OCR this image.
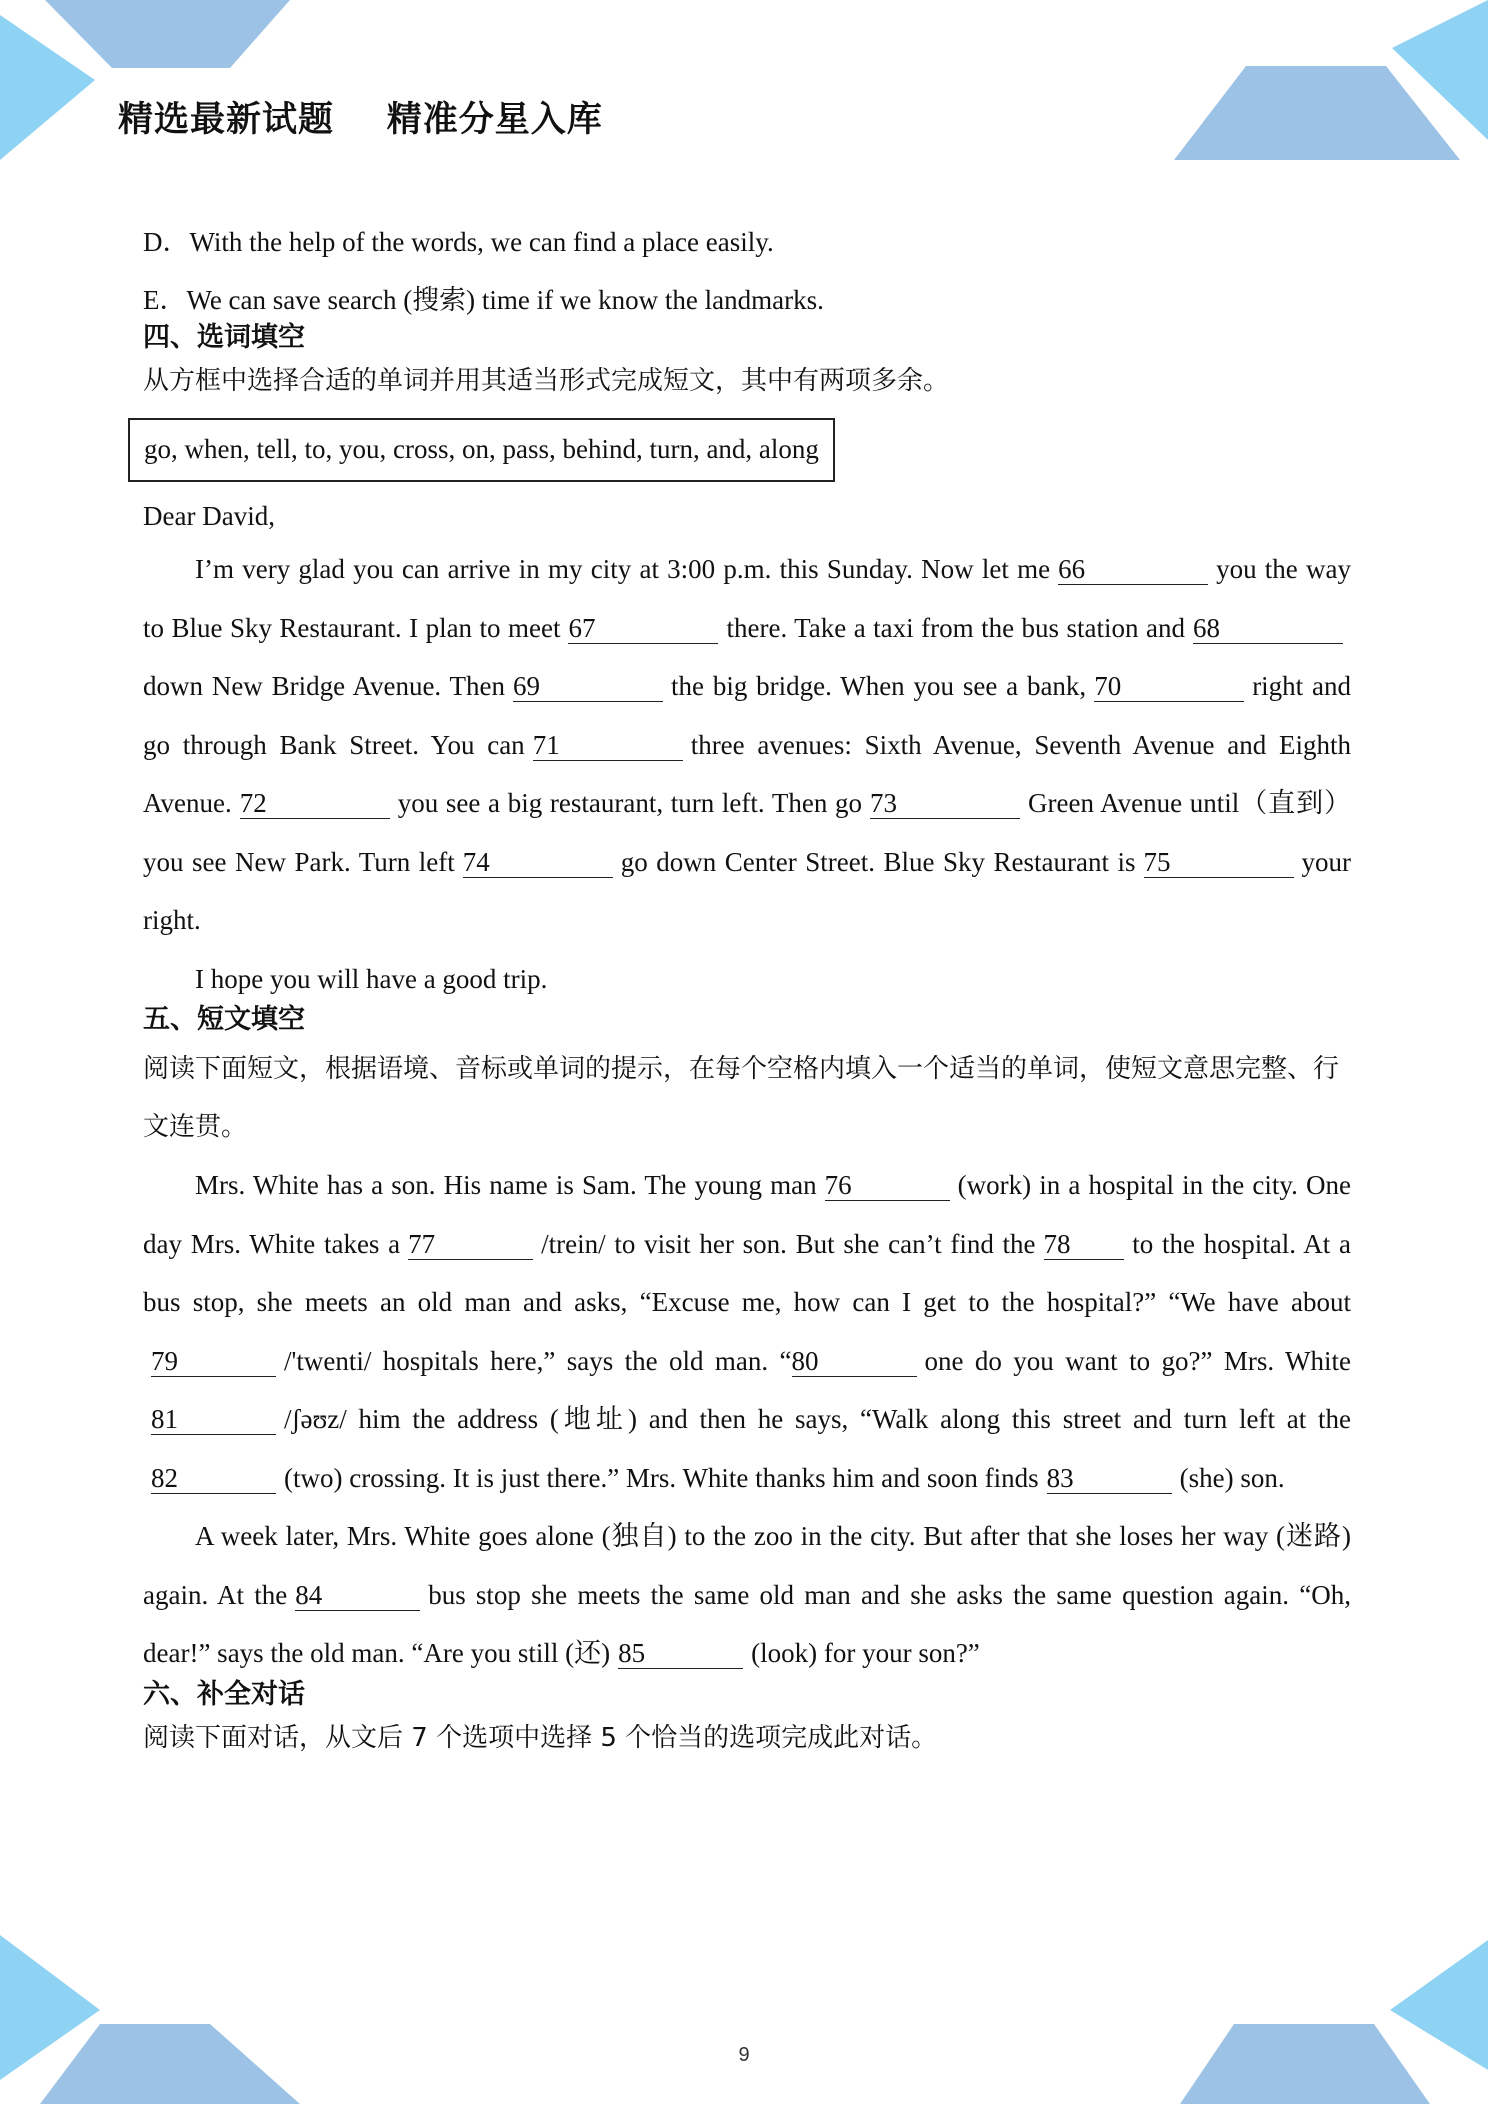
精选最新试题    精准分星入库

D．With the help of the words, we can find a place easily.

E．We can save search (搜索) time if we know the landmarks.

四、选词填空

从方框中选择合适的单词并用其适当形式完成短文，其中有两项多余。

go, when, tell, to, you, cross, on, pass, behind, turn, and, along

Dear David,

I’m very glad you can arrive in my city at 3:00 p.m. this Sunday. Now let me 66	you the way to Blue Sky Restaurant. I plan to meet 67	there. Take a taxi from the bus station and 68down New Bridge Avenue. Then 69	the big bridge. When you see a bank, 70	right and go through Bank Street. You can 71	three avenues: Sixth Avenue, Seventh Avenue and Eighth Avenue. 72	you see a big restaurant, turn left. Then go 73	Green Avenue until（直到）you see New Park. Turn left 74	go down Center Street. Blue Sky Restaurant is 75	your right.

I hope you will have a good trip.

五、短文填空

阅读下面短文，根据语境、音标或单词的提示，在每个空格内填入一个适当的单词，使短文意思完整、行文连贯。

Mrs. White has a son. His name is Sam. The young man 76	(work) in a hospital in the city. One day Mrs. White takes a 77	/trein/ to visit her son. But she can’t find the 78 to the hospital. At a bus stop, she meets an old man and asks, “Excuse me, how can I get to the hospital?” “We have about79	/'twenti/ hospitals here,” says the old man. “80	one do you want to go?” Mrs. White81	/ʃəʊz/ him the address (地址) and then he says, “Walk along this street and turn left at the82	(two) crossing. It is just there.” Mrs. White thanks him and soon finds 83	(she) son.

A week later, Mrs. White goes alone (独自) to the zoo in the city. But after that she loses her way (迷路) again. At the 84	bus stop she meets the same old man and she asks the same question again. “Oh, dear!” says the old man. “Are you still (还) 85	(look) for your son?”

六、补全对话

阅读下面对话，从文后 7 个选项中选择 5 个恰当的选项完成此对话。

9
